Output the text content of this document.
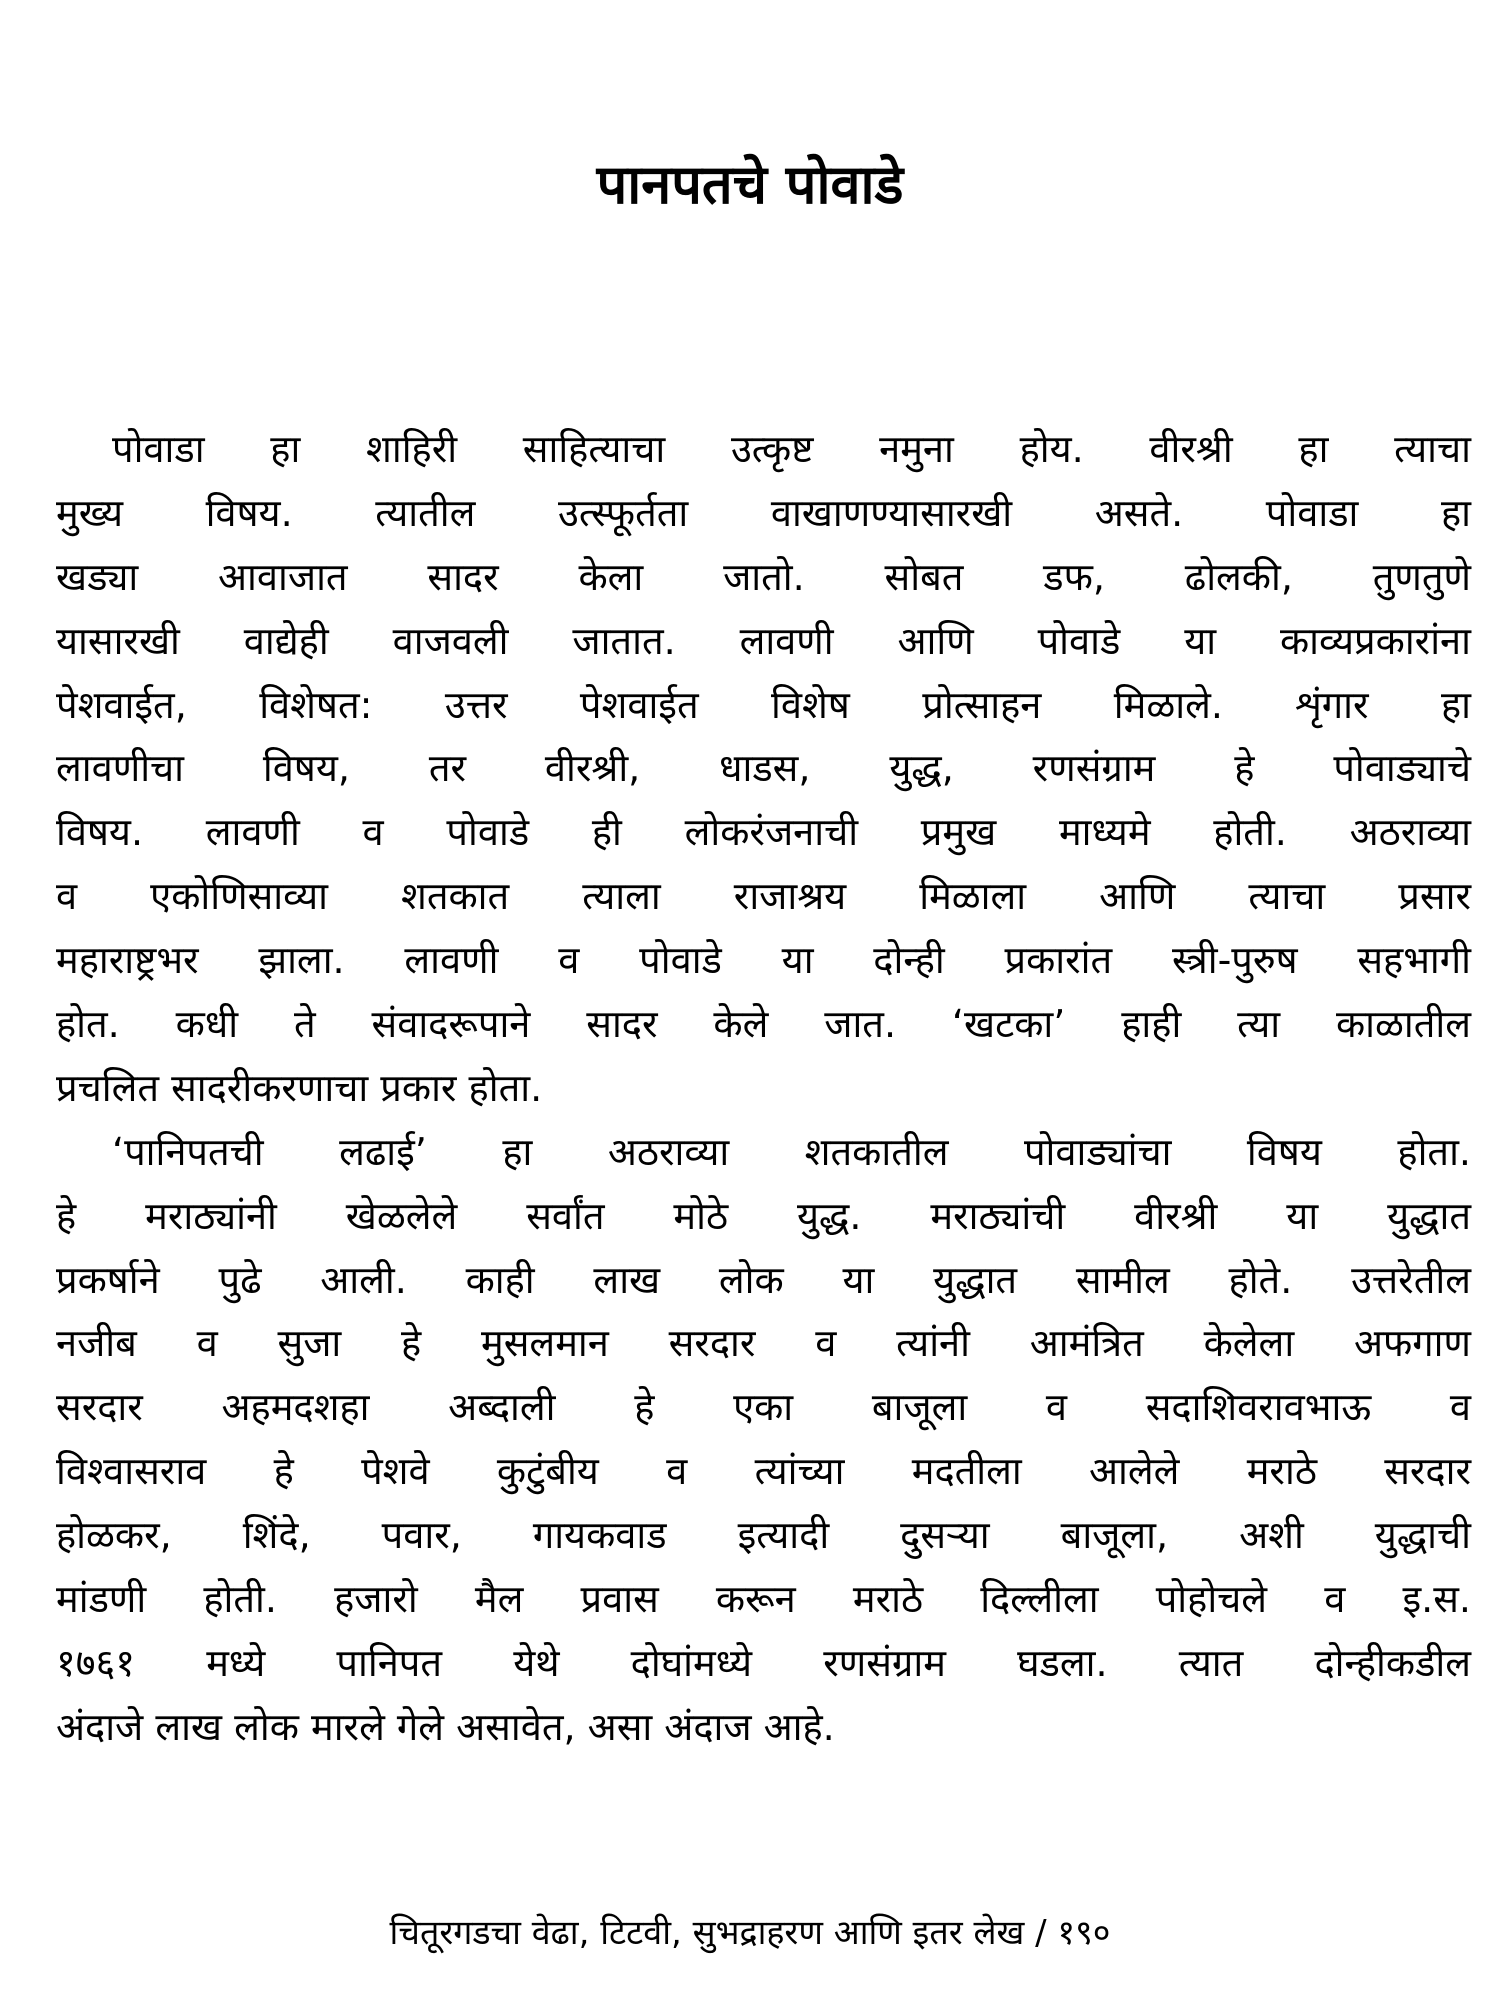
पानपतचे पोवाडे
पोवाडा हा शाहिरी साहित्याचा उत्कृष्ट नमुना होय. वीरश्री हा त्याचा
मुख्य विषय. त्यातील उत्स्फूर्तता वाखाणण्यासारखी असते. पोवाडा हा
खड्या आवाजात सादर केला जातो. सोबत डफ, ढोलकी, तुणतुणे
यासारखी वाद्येही वाजवली जातात. लावणी आणि पोवाडे या काव्यप्रकारांना
पेशवाईत, विशेषत: उत्तर पेशवाईत विशेष प्रोत्साहन मिळाले. शृंगार हा
लावणीचा विषय, तर वीरश्री, धाडस, युद्ध, रणसंग्राम हे पोवाड्याचे
विषय. लावणी व पोवाडे ही लोकरंजनाची प्रमुख माध्यमे होती. अठराव्या
व एकोणिसाव्या शतकात त्याला राजाश्रय मिळाला आणि त्याचा प्रसार
महाराष्ट्रभर झाला. लावणी व पोवाडे या दोन्ही प्रकारांत स्त्री-पुरुष सहभागी
होत. कधी ते संवादरूपाने सादर केले जात. ‘खटका’ हाही त्या काळातील
प्रचलित सादरीकरणाचा प्रकार होता.
‘पानिपतची लढाई’ हा अठराव्या शतकातील पोवाड्यांचा विषय होता.
हे मराठ्यांनी खेळलेले सर्वांत मोठे युद्ध. मराठ्यांची वीरश्री या युद्धात
प्रकर्षाने पुढे आली. काही लाख लोक या युद्धात सामील होते. उत्तरेतील
नजीब व सुजा हे मुसलमान सरदार व त्यांनी आमंत्रित केलेला अफगाण
सरदार अहमदशहा अब्दाली हे एका बाजूला व सदाशिवरावभाऊ व
विश्वासराव हे पेशवे कुटुंबीय व त्यांच्या मदतीला आलेले मराठे सरदार
होळकर, शिंदे, पवार, गायकवाड इत्यादी दुसऱ्या बाजूला, अशी युद्धाची
मांडणी होती. हजारो मैल प्रवास करून मराठे दिल्लीला पोहोचले व इ.स.
१७६१ मध्ये पानिपत येथे दोघांमध्ये रणसंग्राम घडला. त्यात दोन्हीकडील
अंदाजे लाख लोक मारले गेले असावेत, असा अंदाज आहे.
चितूरगडचा वेढा, टिटवी, सुभद्राहरण आणि इतर लेख / १९०
